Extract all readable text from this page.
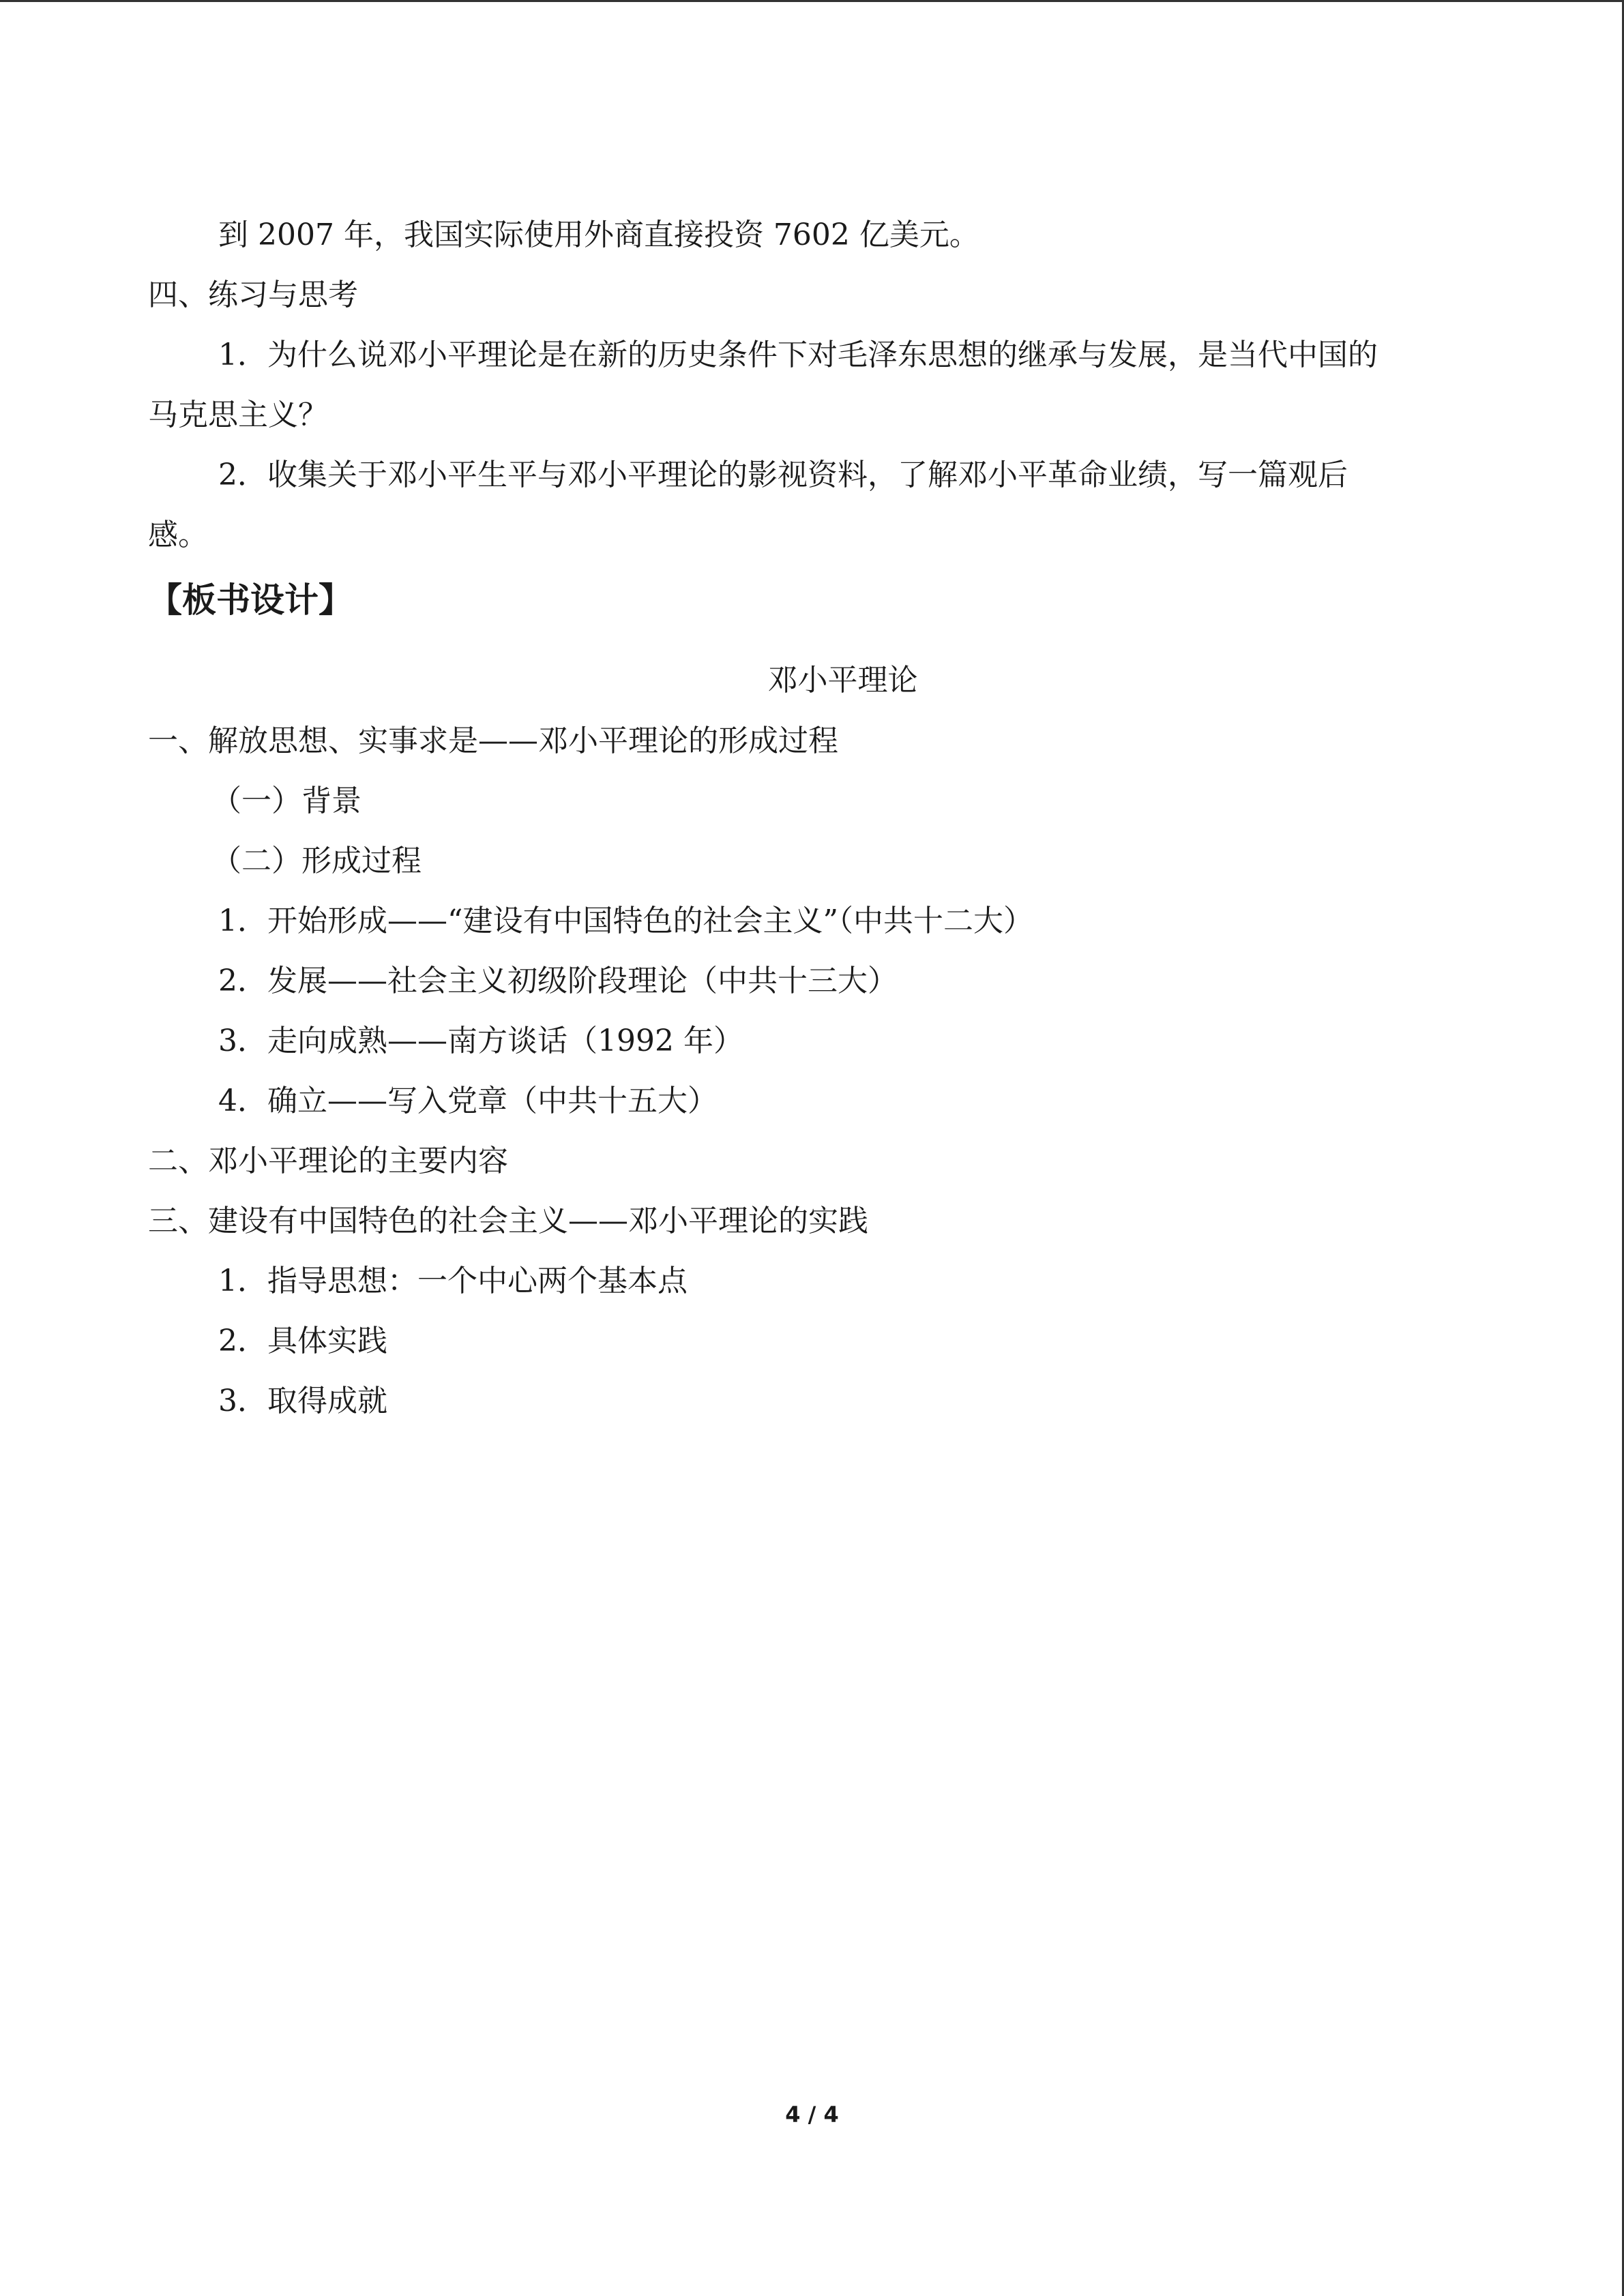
到 2007 年，我国实际使用外商直接投资 7602 亿美元。
四、练习与思考
1．为什么说邓小平理论是在新的历史条件下对毛泽东思想的继承与发展，是当代中国的
马克思主义？
2．收集关于邓小平生平与邓小平理论的影视资料，了解邓小平革命业绩，写一篇观后
感。
【板书设计】
邓小平理论
一、解放思想、实事求是——邓小平理论的形成过程
（一）背景
（二）形成过程
1．开始形成——“建设有中国特色的社会主义”（中共十二大）
2．发展——社会主义初级阶段理论（中共十三大）
3．走向成熟——南方谈话（1992 年）
4．确立——写入党章（中共十五大）
二、邓小平理论的主要内容
三、建设有中国特色的社会主义——邓小平理论的实践
1．指导思想：一个中心两个基本点
2．具体实践
3．取得成就
4 / 4
